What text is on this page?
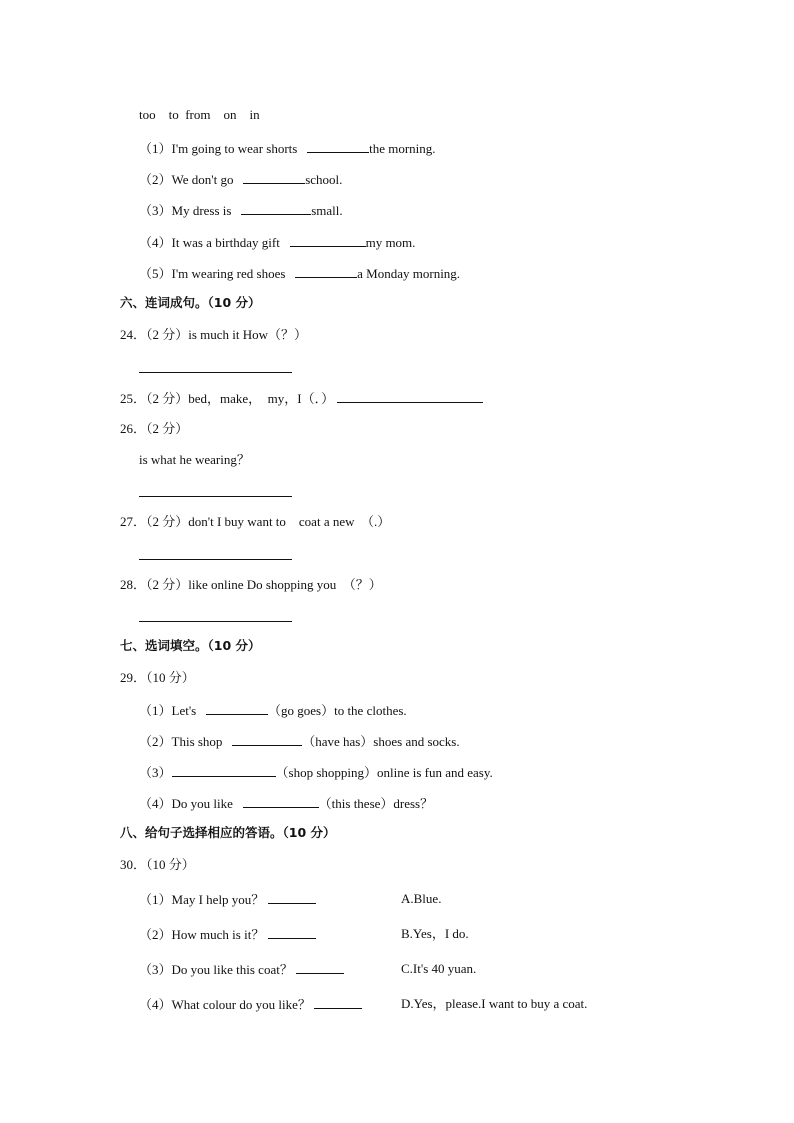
too    to  from    on    in
（1）I'm going to wear shorts	the morning.
（2）We don't go	school.
（3）My dress is	small.
（4）It was a birthday gift	my mom.
（5）I'm wearing red shoes	a Monday morning.
六、连词成句。（10 分）
24．（2 分）is much it How（？）
25．（2 分）bed，make，  my，I（．）
26．（2 分）
is what he wearing？
27．（2 分）don't I buy want to    coat a new  （.）
28．（2 分）like online Do shopping you  （？）
七、选词填空。（10 分）
29．（10 分）
（1）Let's	（go goes）to the clothes.
（2）This shop	（have has）shoes and socks.
（3）	（shop shopping）online is fun and easy.
（4）Do you like	（this these）dress？
八、给句子选择相应的答语。（10 分）
30．（10 分）
（1）May I help you？	A.Blue.
（2）How much is it？	B.Yes，I do.
（3）Do you like this coat？	C.It's 40 yuan.
（4）What colour do you like？	D.Yes，please.I want to buy a coat.
